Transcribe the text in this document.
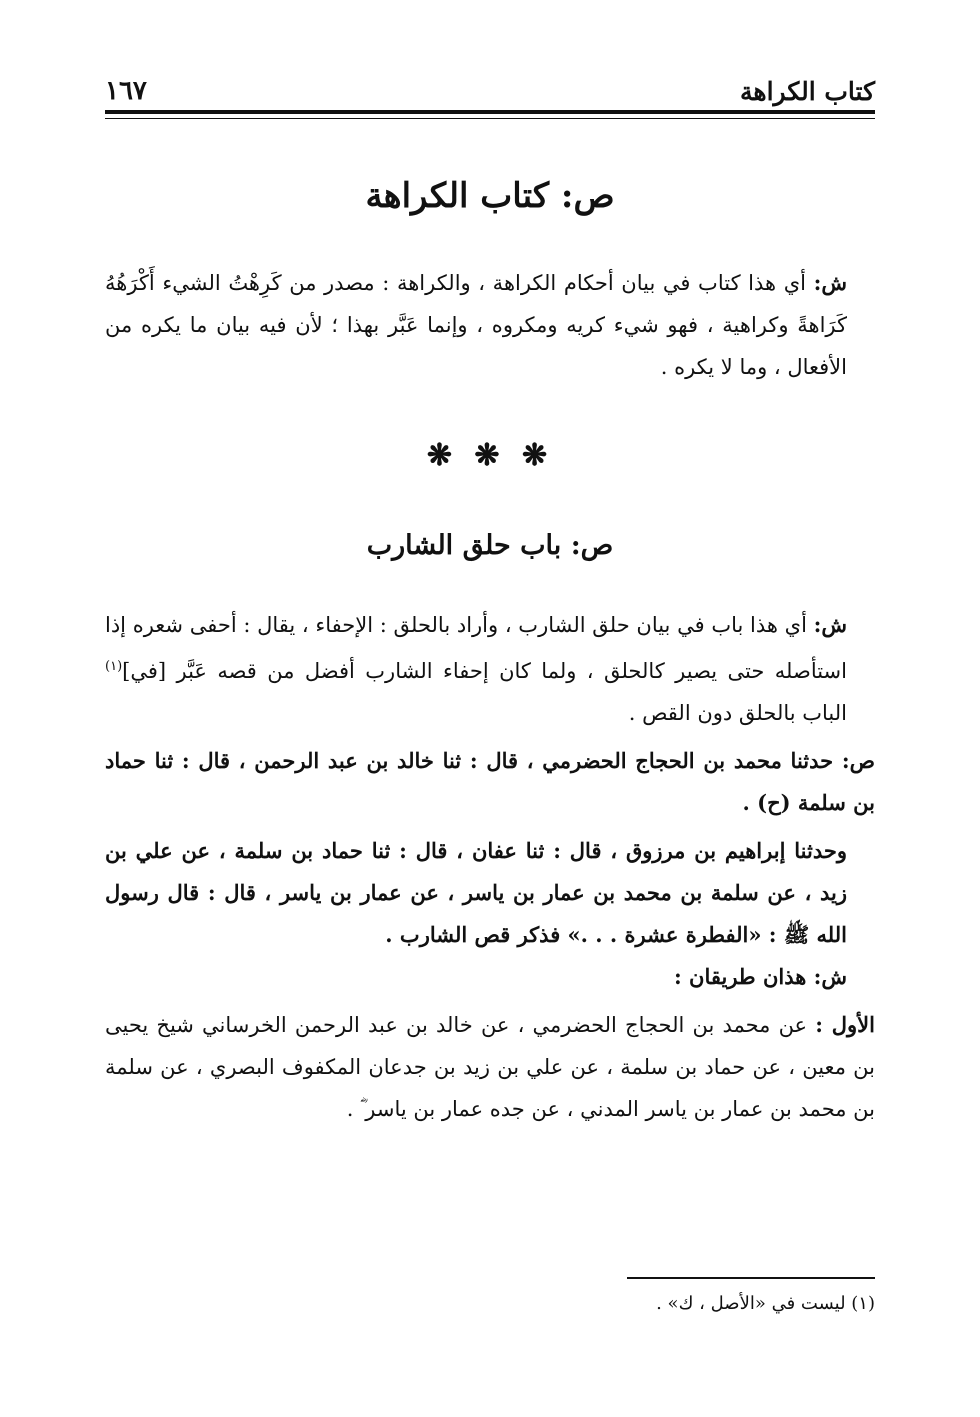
كتاب الكراهة
١٦٧
ص: كتاب الكراهة

ش: أي هذا كتاب في بيان أحكام الكراهة ، والكراهة : مصدر من كَرِهْتُ الشيء أَكْرَهُهُ كَرَاهةً وكراهية ، فهو شيء كريه ومكروه ، وإنما عَبَّر بهذا ؛ لأن فيه بيان ما يكره من الأفعال ، وما لا يكره .

❋ ❋ ❋
ص: باب حلق الشارب

ش: أي هذا باب في بيان حلق الشارب ، وأراد بالحلق : الإحفاء ، يقال : أحفى شعره إذا استأصله حتى يصير كالحلق ، ولما كان إحفاء الشارب أفضل من قصه عَبَّر [في]$^{(١)}$ الباب بالحلق دون القص .

ص: حدثنا محمد بن الحجاج الحضرمي ، قال : ثنا خالد بن عبد الرحمن ، قال : ثنا حماد بن سلمة (ح) .

وحدثنا إبراهيم بن مرزوق ، قال : ثنا عفان ، قال : ثنا حماد بن سلمة ، عن علي بن زيد ، عن سلمة بن محمد بن عمار بن ياسر ، عن عمار بن ياسر ، قال : قال رسول الله ﷺ : «الفطرة عشرة . . .» فذكر قص الشارب .

ش: هذان طريقان :

الأول : عن محمد بن الحجاج الحضرمي ، عن خالد بن عبد الرحمن الخرساني شيخ يحيى بن معين ، عن حماد بن سلمة ، عن علي بن زيد بن جدعان المكفوف البصري ، عن سلمة بن محمد بن عمار بن ياسر المدني ، عن جده عمار بن ياسر ؓ .

(١) ليست في «الأصل ، ك» .
